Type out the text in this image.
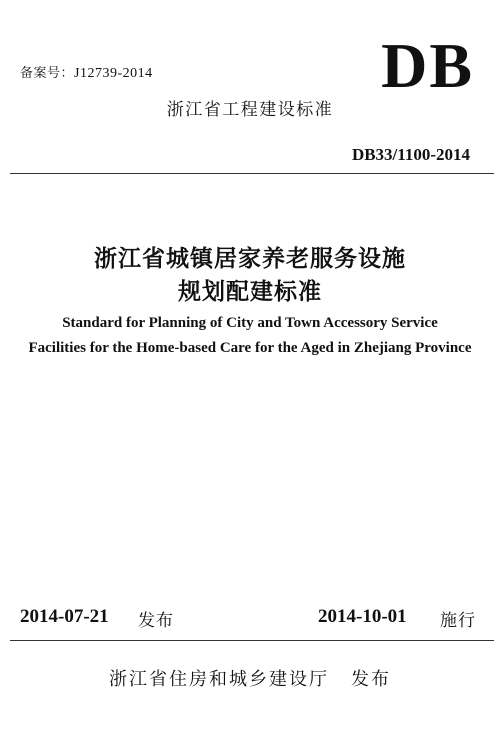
备案号：J12739-2014	DB
浙江省工程建设标准
DB33/1100-2014
浙江省城镇居家养老服务设施
规划配建标准
Standard for Planning of City and Town Accessory Service
Facilities for the Home-based Care for the Aged in Zhejiang Province
2014-07-21 发布	2014-10-01 施行
浙江省住房和城乡建设厅 发布
